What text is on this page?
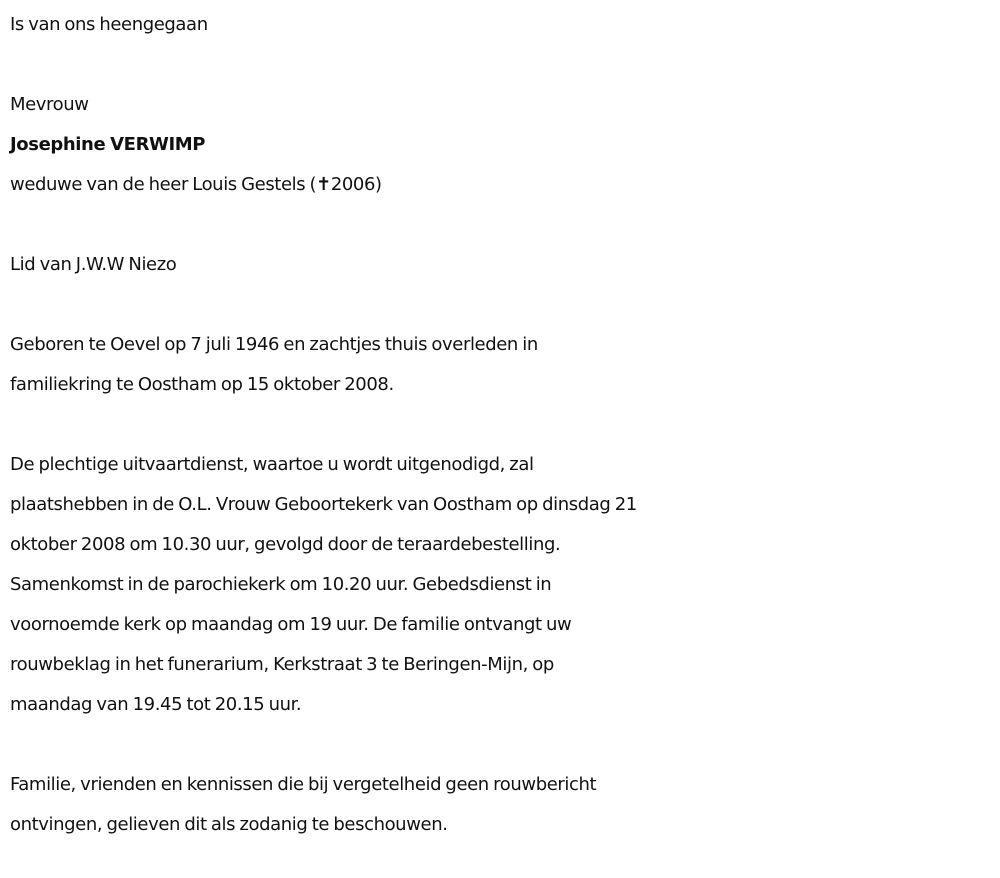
Is van ons heengegaan
Mevrouw
Josephine VERWIMP
weduwe van de heer Louis Gestels (✝2006)
Lid van J.W.W Niezo
Geboren te Oevel op 7 juli 1946 en zachtjes thuis overleden in
familiekring te Oostham op 15 oktober 2008.
De plechtige uitvaartdienst, waartoe u wordt uitgenodigd, zal
plaatshebben in de O.L. Vrouw Geboortekerk van Oostham op dinsdag 21
oktober 2008 om 10.30 uur, gevolgd door de teraardebestelling.
Samenkomst in de parochiekerk om 10.20 uur. Gebedsdienst in
voornoemde kerk op maandag om 19 uur. De familie ontvangt uw
rouwbeklag in het funerarium, Kerkstraat 3 te Beringen-Mijn, op
maandag van 19.45 tot 20.15 uur.
Familie, vrienden en kennissen die bij vergetelheid geen rouwbericht
ontvingen, gelieven dit als zodanig te beschouwen.
